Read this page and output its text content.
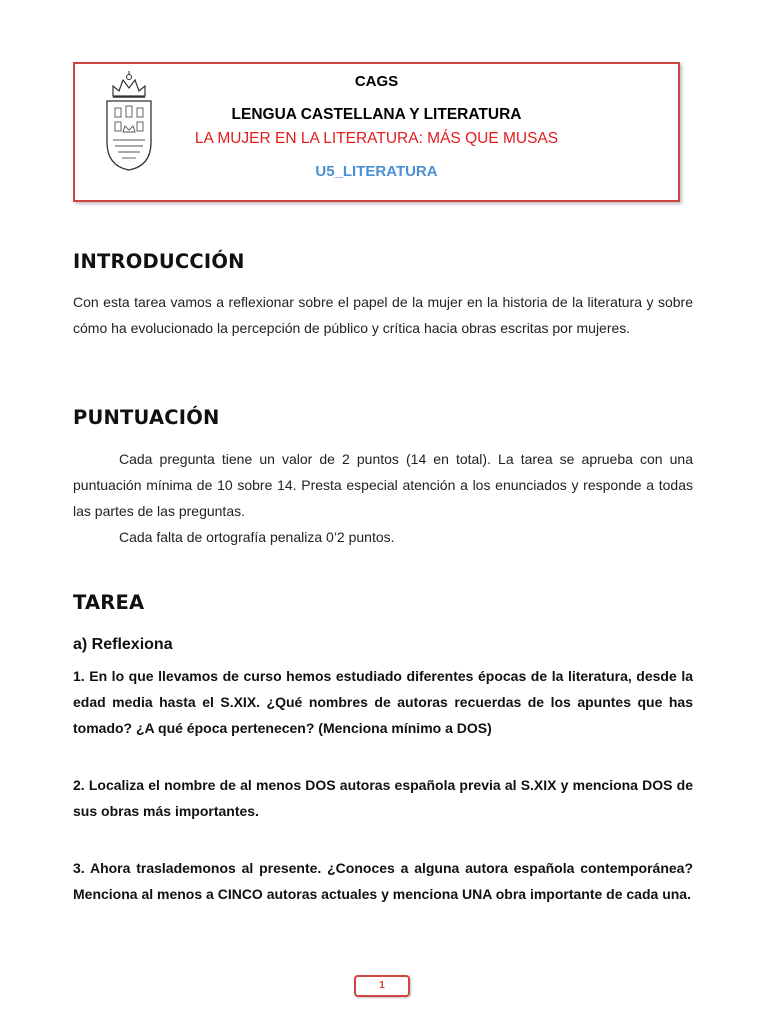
CAGS
LENGUA CASTELLANA Y LITERATURA
LA MUJER EN LA LITERATURA: MÁS QUE MUSAS
U5_LITERATURA
INTRODUCCIÓN
Con esta tarea vamos a reflexionar sobre el papel de la mujer en la historia de la literatura y sobre cómo ha evolucionado la percepción de público y crítica hacia obras escritas por mujeres.
PUNTUACIÓN
Cada pregunta tiene un valor de 2 puntos (14 en total). La tarea se aprueba con una puntuación mínima de 10 sobre 14. Presta especial atención a los enunciados y responde a todas las partes de las preguntas.
Cada falta de ortografía penaliza 0’2 puntos.
TAREA
a) Reflexiona
1. En lo que llevamos de curso hemos estudiado diferentes épocas de la literatura, desde la edad media hasta el S.XIX. ¿Qué nombres de autoras recuerdas de los apuntes que has tomado? ¿A qué época pertenecen? (Menciona mínimo a DOS)
2. Localiza el nombre de al menos DOS autoras española previa al S.XIX y menciona DOS de sus obras más importantes.
3. Ahora traslademonos al presente. ¿Conoces a alguna autora española contemporánea? Menciona al menos a CINCO autoras actuales y menciona UNA obra importante de cada una.
1
